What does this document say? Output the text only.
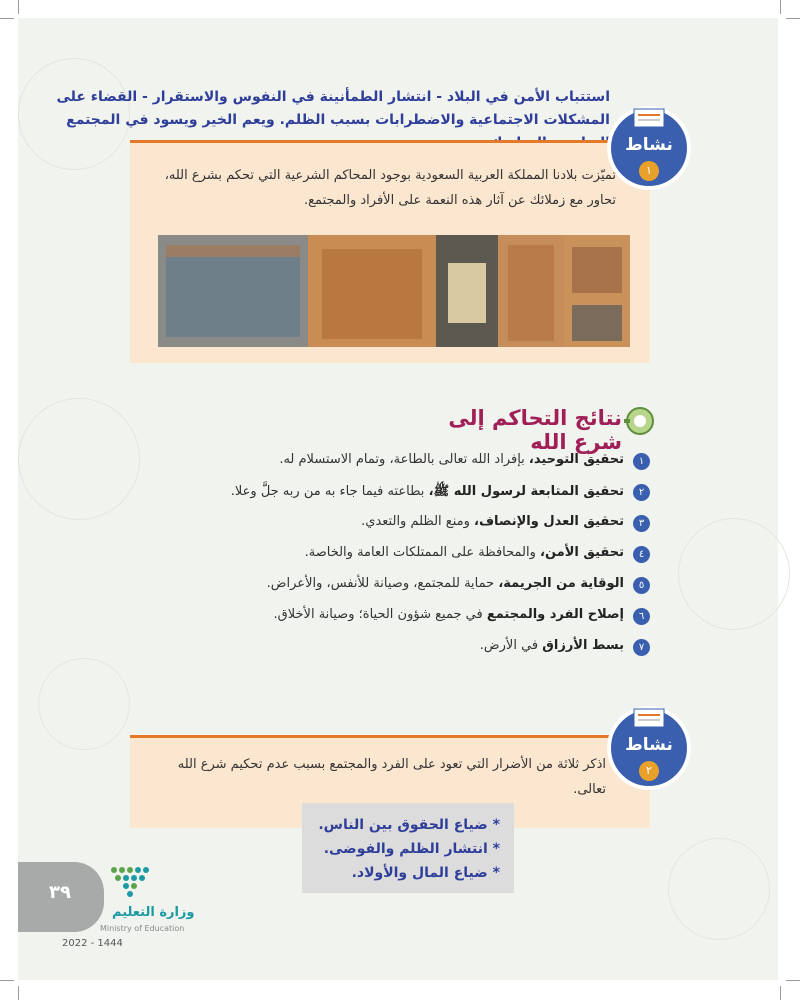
استتباب الأمن في البلاد - انتشار الطمأنينة في النفوس والاستقرار - القضاء على المشكلات الاجتماعية والاضطرابات بسبب الظلم. ويعم الخير ويسود في المجتمع
تميّزت بلادنا المملكة العربية السعودية بوجود المحاكم الشرعية التي تحكم بشرع الله، تحاور مع زملائك عن آثار هذه النعمة على الأفراد والمجتمع.
نشاط
١
نتائج التحاكم إلى شرع الله
١
تحقيق التوحيد، بإفراد الله تعالى بالطاعة، وتمام الاستسلام له.
٢
تحقيق المتابعة لرسول الله ﷺ، بطاعته فيما جاء به من ربه جلَّ وعلا.
٣
تحقيق العدل والإنصاف، ومنع الظلم والتعدي.
٤
تحقيق الأمن، والمحافظة على الممتلكات العامة والخاصة.
٥
الوقاية من الجريمة، حماية للمجتمع، وصيانة للأنفس، والأعراض.
٦
إصلاح الفرد والمجتمع في جميع شؤون الحياة؛ وصيانة الأخلاق.
٧
بسط الأرزاق في الأرض.
اذكر ثلاثة من الأضرار التي تعود على الفرد والمجتمع بسبب عدم تحكيم شرع الله تعالى.
نشاط
٢
* ضياع الحقوق بين الناس.
* انتشار الظلم والفوضى.
* ضياع المال والأولاد.
٣٩
وزارة التعليم
Ministry of Education
2022 - 1444
